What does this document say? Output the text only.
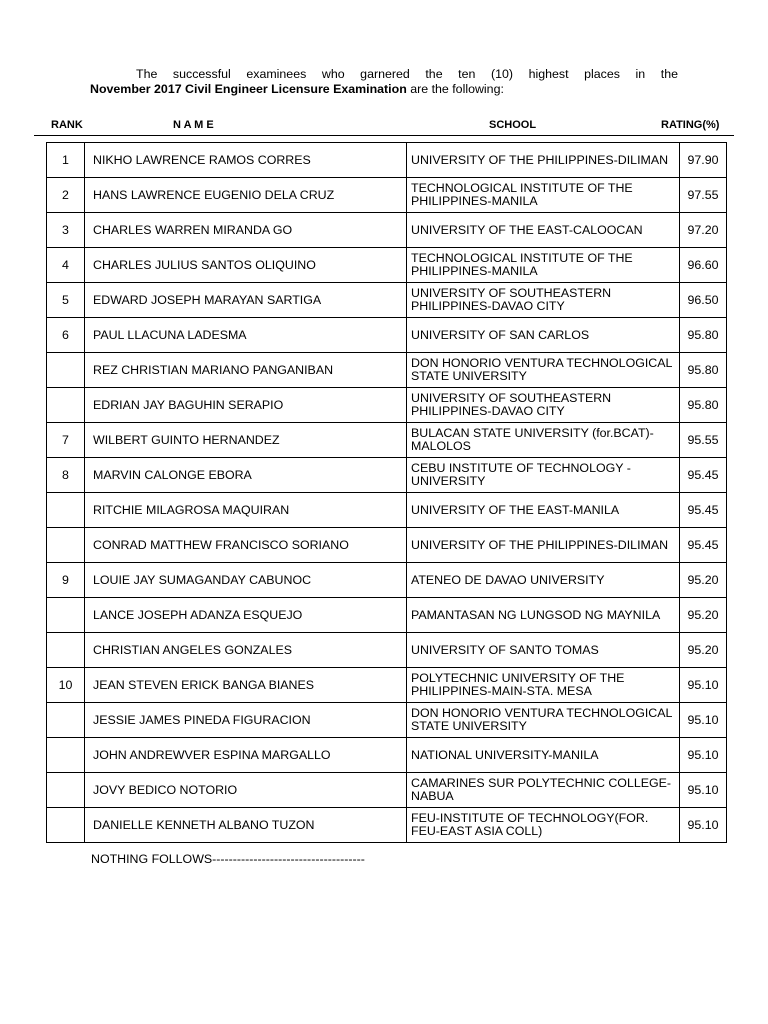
The successful examinees who garnered the ten (10) highest places in the
November 2017 Civil Engineer Licensure Examination are the following:
RANK	N A M E	SCHOOL	RATING(%)
1	NIKHO LAWRENCE RAMOS CORRES	UNIVERSITY OF THE PHILIPPINES-DILIMAN	97.90
2	HANS LAWRENCE EUGENIO DELA CRUZ	TECHNOLOGICAL INSTITUTE OF THE PHILIPPINES-MANILA	97.55
3	CHARLES WARREN MIRANDA GO	UNIVERSITY OF THE EAST-CALOOCAN	97.20
4	CHARLES JULIUS SANTOS OLIQUINO	TECHNOLOGICAL INSTITUTE OF THE PHILIPPINES-MANILA	96.60
5	EDWARD JOSEPH MARAYAN SARTIGA	UNIVERSITY OF SOUTHEASTERN PHILIPPINES-DAVAO CITY	96.50
6	PAUL LLACUNA LADESMA	UNIVERSITY OF SAN CARLOS	95.80
	REZ CHRISTIAN MARIANO PANGANIBAN	DON HONORIO VENTURA TECHNOLOGICAL STATE UNIVERSITY	95.80
	EDRIAN JAY BAGUHIN SERAPIO	UNIVERSITY OF SOUTHEASTERN PHILIPPINES-DAVAO CITY	95.80
7	WILBERT GUINTO HERNANDEZ	BULACAN STATE UNIVERSITY (for.BCAT)-MALOLOS	95.55
8	MARVIN CALONGE EBORA	CEBU INSTITUTE OF TECHNOLOGY - UNIVERSITY	95.45
	RITCHIE MILAGROSA MAQUIRAN	UNIVERSITY OF THE EAST-MANILA	95.45
	CONRAD MATTHEW FRANCISCO SORIANO	UNIVERSITY OF THE PHILIPPINES-DILIMAN	95.45
9	LOUIE JAY SUMAGANDAY CABUNOC	ATENEO DE DAVAO UNIVERSITY	95.20
	LANCE JOSEPH ADANZA ESQUEJO	PAMANTASAN NG LUNGSOD NG MAYNILA	95.20
	CHRISTIAN ANGELES GONZALES	UNIVERSITY OF SANTO TOMAS	95.20
10	JEAN STEVEN ERICK BANGA BIANES	POLYTECHNIC UNIVERSITY OF THE PHILIPPINES-MAIN-STA. MESA	95.10
	JESSIE JAMES PINEDA FIGURACION	DON HONORIO VENTURA TECHNOLOGICAL STATE UNIVERSITY	95.10
	JOHN ANDREWVER ESPINA MARGALLO	NATIONAL UNIVERSITY-MANILA	95.10
	JOVY BEDICO NOTORIO	CAMARINES SUR POLYTECHNIC COLLEGE-NABUA	95.10
	DANIELLE KENNETH ALBANO TUZON	FEU-INSTITUTE OF TECHNOLOGY(FOR. FEU-EAST ASIA COLL)	95.10
NOTHING FOLLOWS-------------------------------------
